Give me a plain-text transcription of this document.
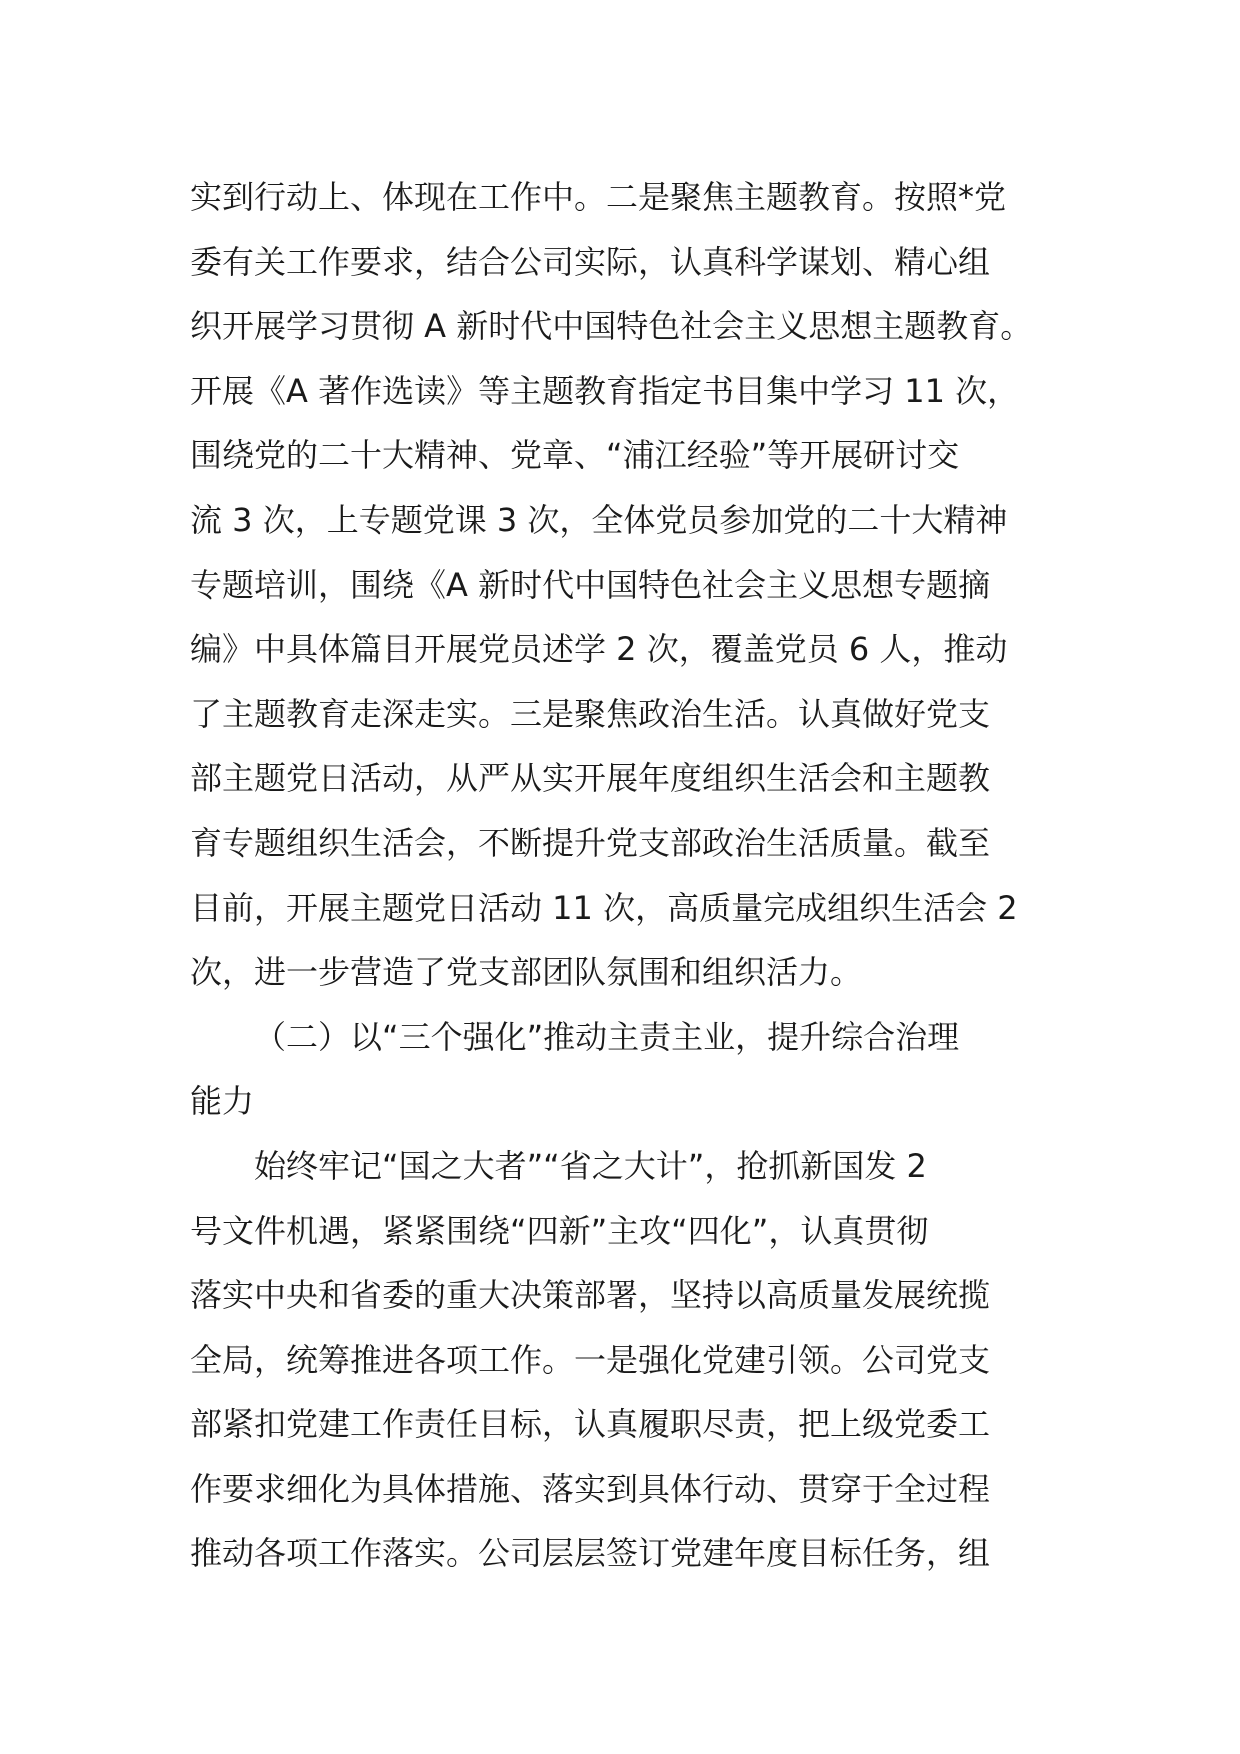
实到行动上、体现在工作中。二是聚焦主题教育。按照*党
委有关工作要求，结合公司实际，认真科学谋划、精心组
织开展学习贯彻 A 新时代中国特色社会主义思想主题教育。
开展《A 著作选读》等主题教育指定书目集中学习 11 次，
围绕党的二十大精神、党章、“浦江经验”等开展研讨交
流 3 次，上专题党课 3 次，全体党员参加党的二十大精神
专题培训，围绕《A 新时代中国特色社会主义思想专题摘
编》中具体篇目开展党员述学 2 次，覆盖党员 6 人，推动
了主题教育走深走实。三是聚焦政治生活。认真做好党支
部主题党日活动，从严从实开展年度组织生活会和主题教
育专题组织生活会，不断提升党支部政治生活质量。截至
目前，开展主题党日活动 11 次，高质量完成组织生活会 2
次，进一步营造了党支部团队氛围和组织活力。
（二）以“三个强化”推动主责主业，提升综合治理
能力
始终牢记“国之大者”“省之大计”，抢抓新国发 2
号文件机遇，紧紧围绕“四新”主攻“四化”，认真贯彻
落实中央和省委的重大决策部署，坚持以高质量发展统揽
全局，统筹推进各项工作。一是强化党建引领。公司党支
部紧扣党建工作责任目标，认真履职尽责，把上级党委工
作要求细化为具体措施、落实到具体行动、贯穿于全过程
推动各项工作落实。公司层层签订党建年度目标任务，组
